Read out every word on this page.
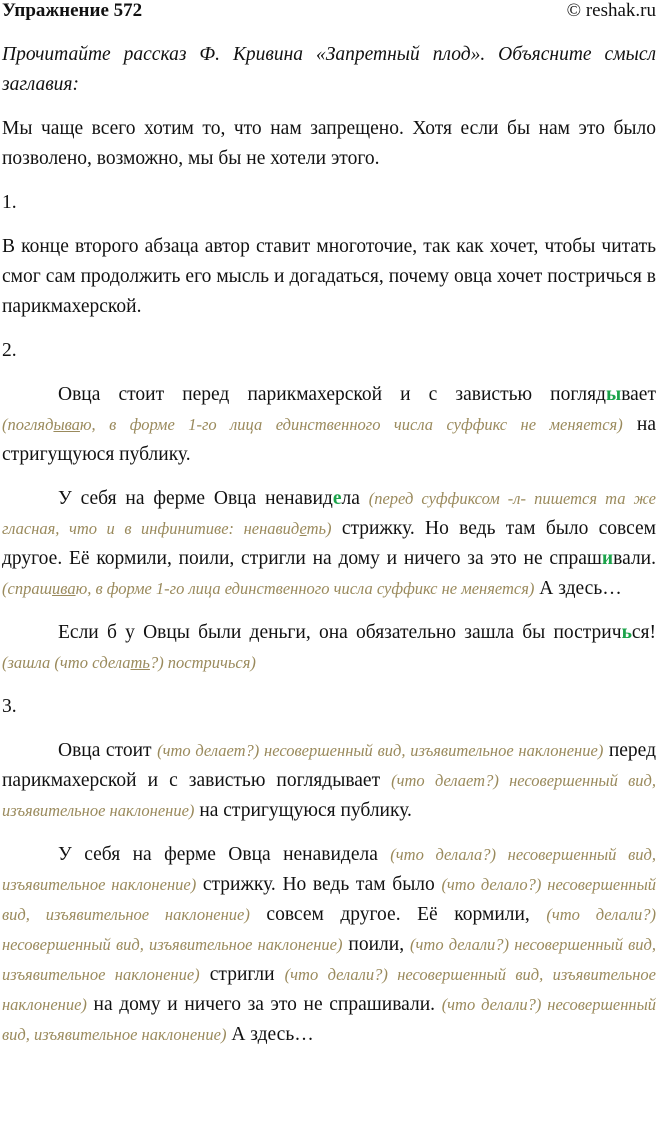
Упражнение 572	© reshak.ru

Прочитайте рассказ Ф. Кривина «Запретный плод». Объясните смысл заглавия:

Мы чаще всего хотим то, что нам запрещено. Хотя если бы нам это было позволено, возможно, мы бы не хотели этого.

1.

В конце второго абзаца автор ставит многоточие, так как хочет, чтобы читать смог сам продолжить его мысль и догадаться, почему овца хочет постричься в парикмахерской.

2.

Овца стоит перед парикмахерской и с завистью поглядывает (поглядываю, в форме 1-го лица единственного числа суффикс не меняется) на стригущуюся публику.

У себя на ферме Овца ненавидела (перед суффиксом -л- пишется та же гласная, что и в инфинитиве: ненавидеть) стрижку. Но ведь там было совсем другое. Её кормили, поили, стригли на дому и ничего за это не спрашивали. (спрашиваю, в форме 1-го лица единственного числа суффикс не меняется) А здесь…

Если б у Овцы были деньги, она обязательно зашла бы постричься! (зашла (что сделать?) постричься)

3.

Овца стоит (что делает?) несовершенный вид, изъявительное наклонение) перед парикмахерской и с завистью поглядывает (что делает?) несовершенный вид, изъявительное наклонение) на стригущуюся публику.

У себя на ферме Овца ненавидела (что делала?) несовершенный вид, изъявительное наклонение) стрижку. Но ведь там было (что делало?) несовершенный вид, изъявительное наклонение) совсем другое. Её кормили, (что делали?) несовершенный вид, изъявительное наклонение) поили, (что делали?) несовершенный вид, изъявительное наклонение) стригли (что делали?) несовершенный вид, изъявительное наклонение) на дому и ничего за это не спрашивали. (что делали?) несовершенный вид, изъявительное наклонение) А здесь…
